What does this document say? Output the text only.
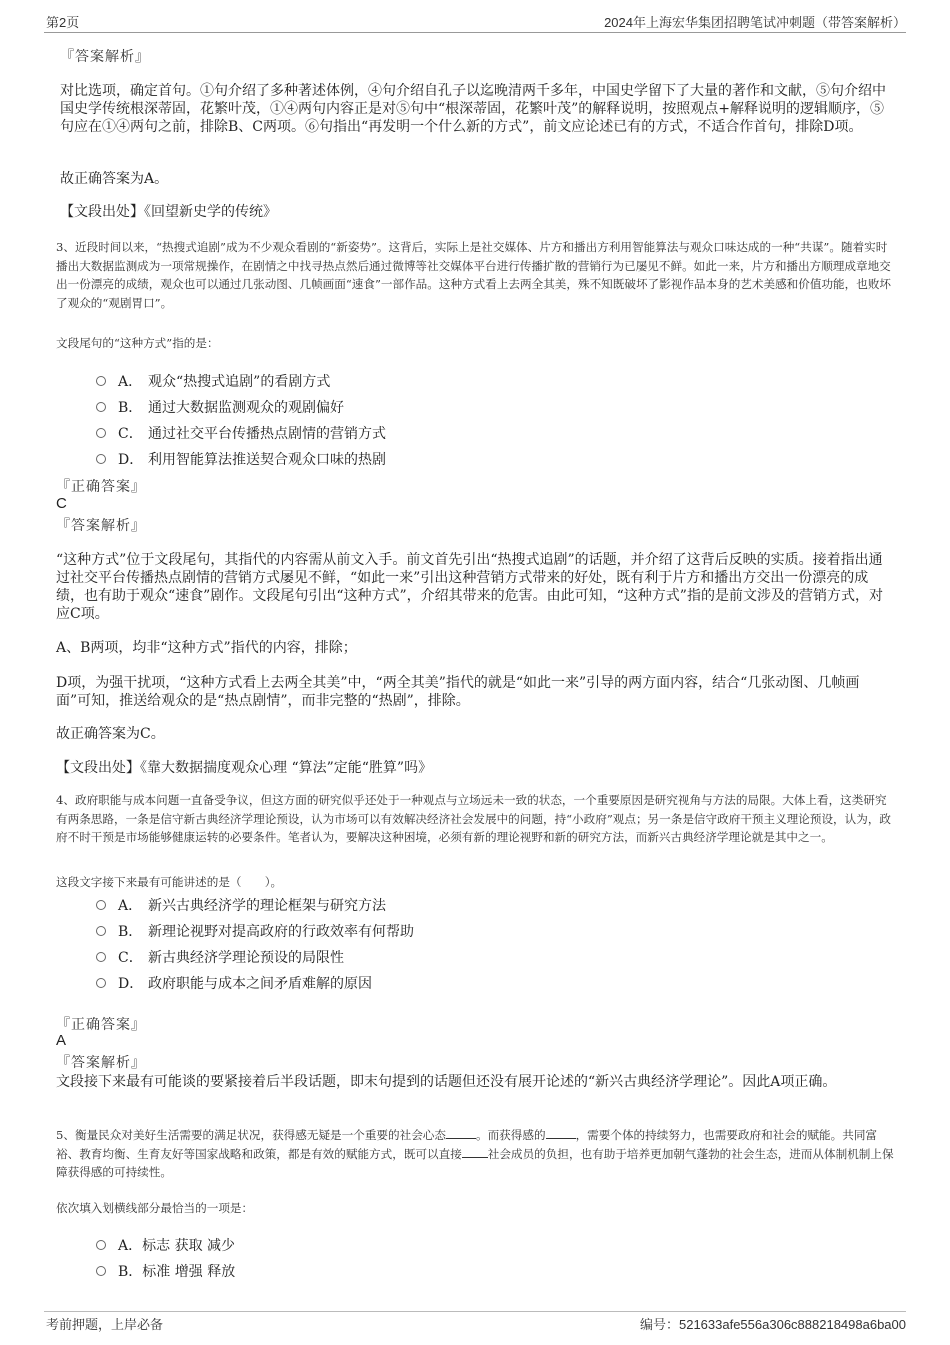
第2页	2024年上海宏华集团招聘笔试冲刺题（带答案解析）
『答案解析』
对比选项，确定首句。①句介绍了多种著述体例，④句介绍自孔子以迄晚清两千多年，中国史学留下了大量的著作和文献，⑤句介绍中国史学传统根深蒂固，花繁叶茂，①④两句内容正是对⑤句中“根深蒂固，花繁叶茂”的解释说明，按照观点+解释说明的逻辑顺序，⑤句应在①④两句之前，排除B、C两项。⑥句指出“再发明一个什么新的方式”，前文应论述已有的方式，不适合作首句，排除D项。
故正确答案为A。
【文段出处】《回望新史学的传统》
3、近段时间以来，“热搜式追剧”成为不少观众看剧的“新姿势”。这背后，实际上是社交媒体、片方和播出方利用智能算法与观众口味达成的一种“共谋”。随着实时播出大数据监测成为一项常规操作，在剧情之中找寻热点然后通过微博等社交媒体平台进行传播扩散的营销行为已屡见不鲜。如此一来，片方和播出方顺理成章地交出一份漂亮的成绩，观众也可以通过几张动图、几帧画面“速食”一部作品。这种方式看上去两全其美，殊不知既破坏了影视作品本身的艺术美感和价值功能，也败坏了观众的“观剧胃口”。
文段尾句的“这种方式”指的是：
A． 观众“热搜式追剧”的看剧方式
B． 通过大数据监测观众的观剧偏好
C． 通过社交平台传播热点剧情的营销方式
D． 利用智能算法推送契合观众口味的热剧
『正确答案』
C
『答案解析』
“这种方式”位于文段尾句，其指代的内容需从前文入手。前文首先引出“热搜式追剧”的话题，并介绍了这背后反映的实质。接着指出通过社交平台传播热点剧情的营销方式屡见不鲜，“如此一来”引出这种营销方式带来的好处，既有利于片方和播出方交出一份漂亮的成绩，也有助于观众“速食”剧作。文段尾句引出“这种方式”，介绍其带来的危害。由此可知，“这种方式”指的是前文涉及的营销方式，对应C项。
A、B两项，均非“这种方式”指代的内容，排除；
D项，为强干扰项，“这种方式看上去两全其美”中，“两全其美”指代的就是“如此一来”引导的两方面内容，结合“几张动图、几帧画面”可知，推送给观众的是“热点剧情”，而非完整的“热剧”，排除。
故正确答案为C。
【文段出处】《靠大数据揣度观众心理 “算法”定能“胜算”吗》
4、政府职能与成本问题一直备受争议，但这方面的研究似乎还处于一种观点与立场远未一致的状态，一个重要原因是研究视角与方法的局限。大体上看，这类研究有两条思路，一条是信守新古典经济学理论预设，认为市场可以有效解决经济社会发展中的问题，持“小政府”观点；另一条是信守政府干预主义理论预设，认为，政府不时干预是市场能够健康运转的必要条件。笔者认为，要解决这种困境，必须有新的理论视野和新的研究方法，而新兴古典经济学理论就是其中之一。
这段文字接下来最有可能讲述的是（　　）。
A． 新兴古典经济学的理论框架与研究方法
B． 新理论视野对提高政府的行政效率有何帮助
C． 新古典经济学理论预设的局限性
D． 政府职能与成本之间矛盾难解的原因
『正确答案』
A
『答案解析』
文段接下来最有可能谈的要紧接着后半段话题，即末句提到的话题但还没有展开论述的“新兴古典经济学理论”。因此A项正确。
5、衡量民众对美好生活需要的满足状况，获得感无疑是一个重要的社会心态	。而获得感的	，需要个体的持续努力，也需要政府和社会的赋能。共同富裕、教育均衡、生育友好等国家战略和政策，都是有效的赋能方式，既可以直接 社会成员的负担，也有助于培养更加朝气蓬勃的社会生态，进而从体制机制上保障获得感的可持续性。
依次填入划横线部分最恰当的一项是：
A．标志 获取 减少
B．标准 增强 释放
考前押题，上岸必备	编号：521633afe556a306c888218498a6ba00
